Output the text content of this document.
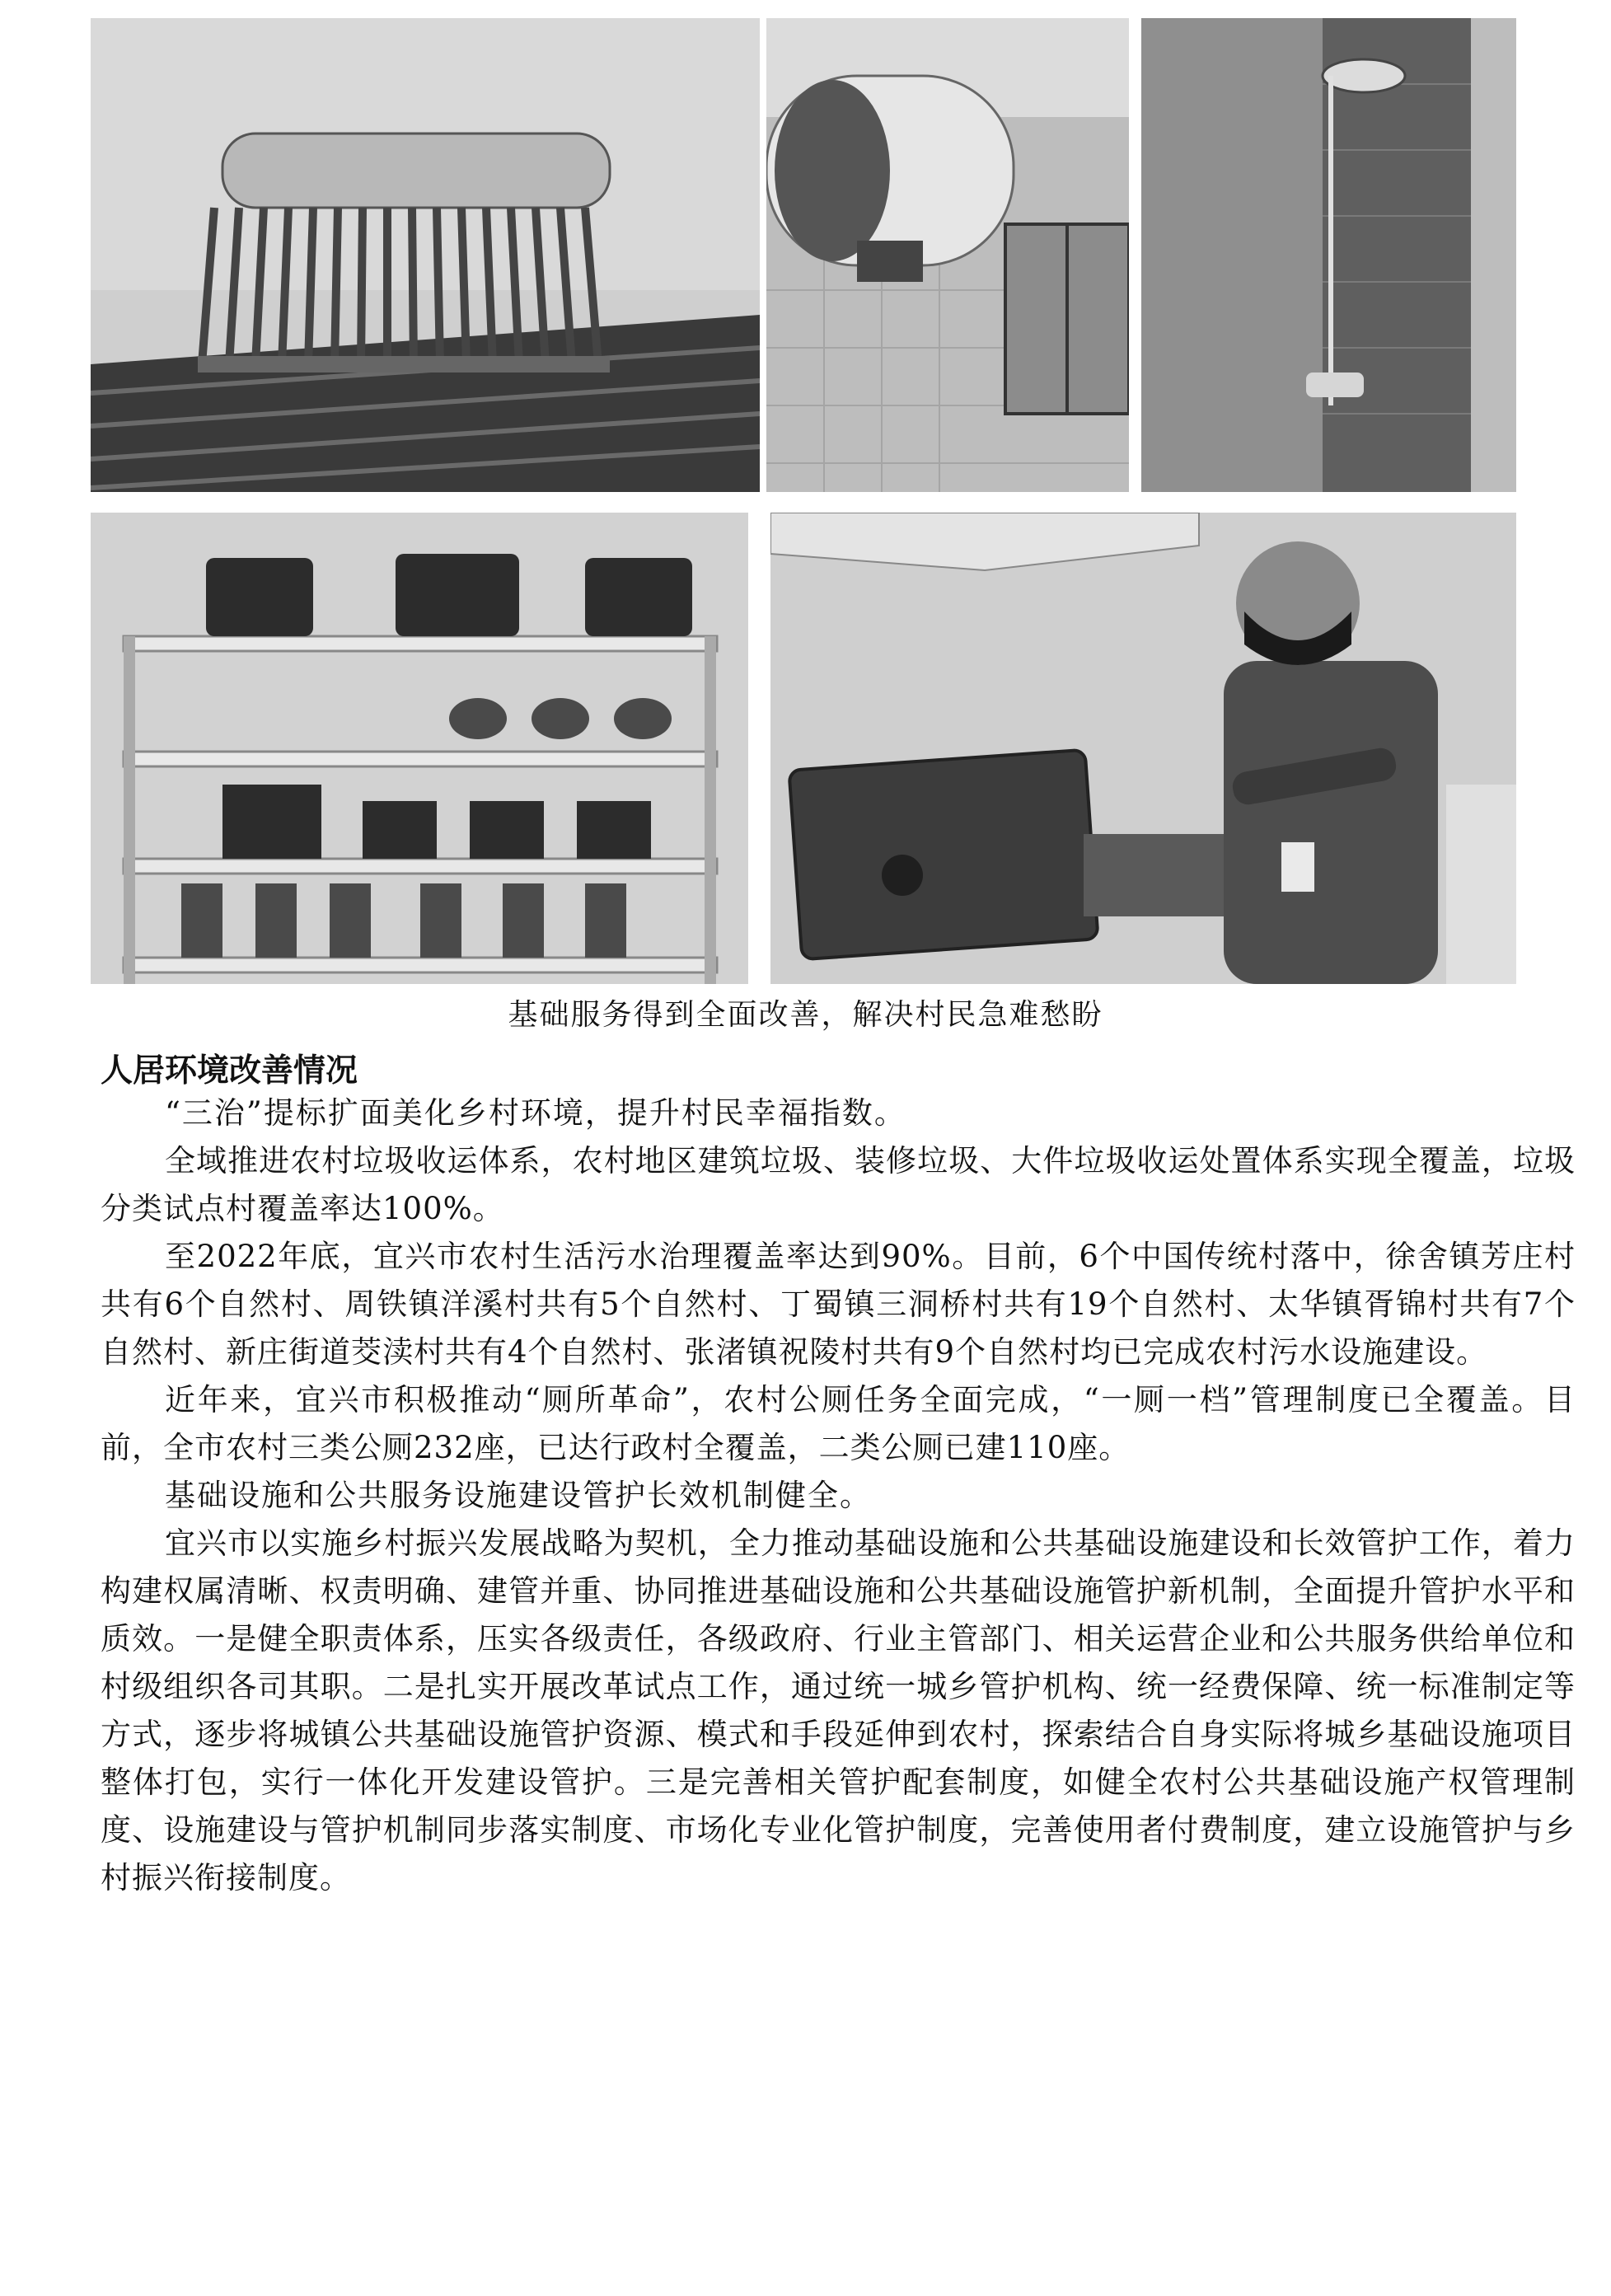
基础服务得到全面改善，解决村民急难愁盼
人居环境改善情况

“三治”提标扩面美化乡村环境，提升村民幸福指数。

全域推进农村垃圾收运体系，农村地区建筑垃圾、装修垃圾、大件垃圾收运处置体系实现全覆盖，垃圾分类试点村覆盖率达100%。

至2022年底，宜兴市农村生活污水治理覆盖率达到90%。目前，6个中国传统村落中，徐舍镇芳庄村共有6个自然村、周铁镇洋溪村共有5个自然村、丁蜀镇三洞桥村共有19个自然村、太华镇胥锦村共有7个自然村、新庄街道茭渎村共有4个自然村、张渚镇祝陵村共有9个自然村均已完成农村污水设施建设。

近年来，宜兴市积极推动“厕所革命”，农村公厕任务全面完成，“一厕一档”管理制度已全覆盖。目前，全市农村三类公厕232座，已达行政村全覆盖，二类公厕已建110座。

基础设施和公共服务设施建设管护长效机制健全。

宜兴市以实施乡村振兴发展战略为契机，全力推动基础设施和公共基础设施建设和长效管护工作，着力构建权属清晰、权责明确、建管并重、协同推进基础设施和公共基础设施管护新机制，全面提升管护水平和质效。一是健全职责体系，压实各级责任，各级政府、行业主管部门、相关运营企业和公共服务供给单位和村级组织各司其职。二是扎实开展改革试点工作，通过统一城乡管护机构、统一经费保障、统一标准制定等方式，逐步将城镇公共基础设施管护资源、模式和手段延伸到农村，探索结合自身实际将城乡基础设施项目整体打包，实行一体化开发建设管护。三是完善相关管护配套制度，如健全农村公共基础设施产权管理制度、设施建设与管护机制同步落实制度、市场化专业化管护制度，完善使用者付费制度，建立设施管护与乡村振兴衔接制度。
